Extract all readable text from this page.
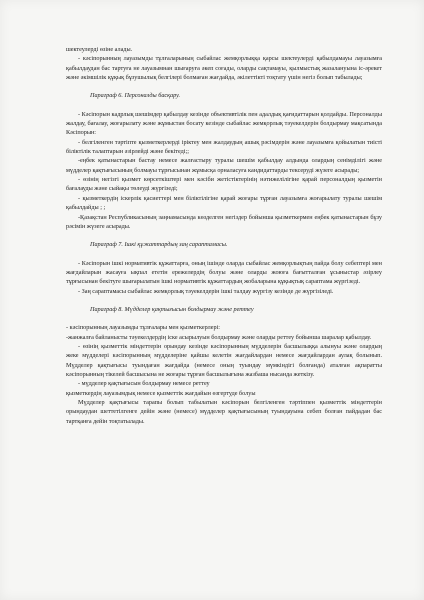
шектеулерді өзіне алады.

- кәсіпорынның лауазымды тұлғаларының сыбайлас жемқорлыққа қарсы шектеулерді қабылдамауы лауазымға қабылдаудан бас тартуға не лауазымнан шығаруға әкеп соғады, оларды сақтамауы, қылмыстық жазалануына іс-әрекет және әкімшілік құқық бұзушылық белгілері болмаған жағдайда, әкілеттікті тоқтату үшін негіз болып табылады;

Параграф 6. Персоналды басқару.

- Кәсіпорын кадрлық шешімдер қабылдау кезінде объективтілік пен адалдық қағидаттарын қолдайды. Персоналды жалдау, бағалау, жоғарылату және жұмыстан босату кезінде сыбайлас жемқорлық тәуекелдерін болдырмау мақсатында Кәсіпорын:

- белгіленген тәртіпте қызметкерлерді іріктеу мен жалдаудың ашық рәсімдерін және лауазымға қойылатын тиісті біліктілік талаптарын әзірлейді және бекітеді;;

-еңбек қатынастарын бастау немесе жалғастыру туралы шешім қабылдау алдында олардың сенімділігі және мүдделер қақтығысының болмауы тұрғысынан жұмысқа орналасуға кандидаттарды тексеруді жүзеге асырады;

- өзінің негізгі қызмет көрсеткіштері мен кәсіби жетістіктерінің нәтижелілігіне қарай персоналдың қызметін бағалауды және сыйақы төлеуді жүргізеді;

- қызметкердің іскерлік қасиеттері мен біліктілігіне қарай жоғары тұрған лауазымға жоғарылату туралы шешім қабылдайды ; ;

-Қазақстан Республикасының заңнамасында көзделген негіздер бойынша қызметкермен еңбек қатынастарын бұзу рәсімін жүзеге асырады.

Параграф 7. Ішкі құжаттардың заң сараптамасы.

- Кәсіпорын ішкі нормативтік құжаттарға, оның ішінде оларда сыбайлас жемқорлықтың пайда болу себептері мен жағдайларын жасауға ықпал ететін ережелердің болуы және оларды жоюға бағытталған ұсыныстар әзірлеу тұрғысынан бекітуге шығарылатын ішкі нормативтік құжаттардың жобаларына құқықтық сараптама жүргізеді.

- Заң сараптамасы сыбайлас жемқорлық тәуекелдерін ішкі талдау жүргізу кезінде де жүргізіледі.

Параграф 8. Мүдделер қақтығысын болдырмау және реттеу

- кәсіпорынның лауазымды тұлғалары мен қызметкерлері:

-жанжалға байланысты тәуекелдердің іске асырылуын болдырмау және оларды реттеу бойынша шаралар қабылдау.

- өзінің қызметтік міндеттерін орындау кезінде кәсіпорынның мүдделерін басшылыққа алынуы және олардың жеке мүдделері кәсіпорынның мүдделеріне қайшы келетін жағдайлардан немесе жағдайлардан аулақ болынып. Мүдделер қақтығысы туындаған жағдайда (немесе оның туындау мүмкіндігі болғанда) аталған ақпаратты кәсіпорынның тікелей басшысына не жоғары тұрған басшылығына жазбаша нысанда жеткізу.

- мүдделер қақтығысын болдырмау немесе реттеу

қызметкердің лауазымдық немесе қызметтік жағдайын өзгертуде болуы

Мүдделер қақтығысы тарапы болып табылатын кәсіпорын белгіленген тәртіппен қызметтік міндеттерін орындаудан шеттетілгенге дейін және (немесе) мүдделер қақтығысының туындауына себеп болған пайдадан бас тартқанға дейін тоқтатылады.
